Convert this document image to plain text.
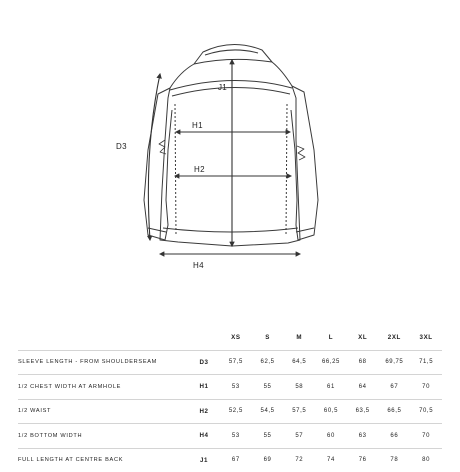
J1
H1
H2
D3
H4
		XS	S	M	L	XL	2XL	3XL
SLEEVE LENGTH - FROM SHOULDERSEAM	D3	57,5	62,5	64,5	66,25	68	69,75	71,5
1/2 CHEST WIDTH AT ARMHOLE	H1	53	55	58	61	64	67	70
1/2 WAIST	H2	52,5	54,5	57,5	60,5	63,5	66,5	70,5
1/2 BOTTOM WIDTH	H4	53	55	57	60	63	66	70
FULL LENGTH AT CENTRE BACK	J1	67	69	72	74	76	78	80
